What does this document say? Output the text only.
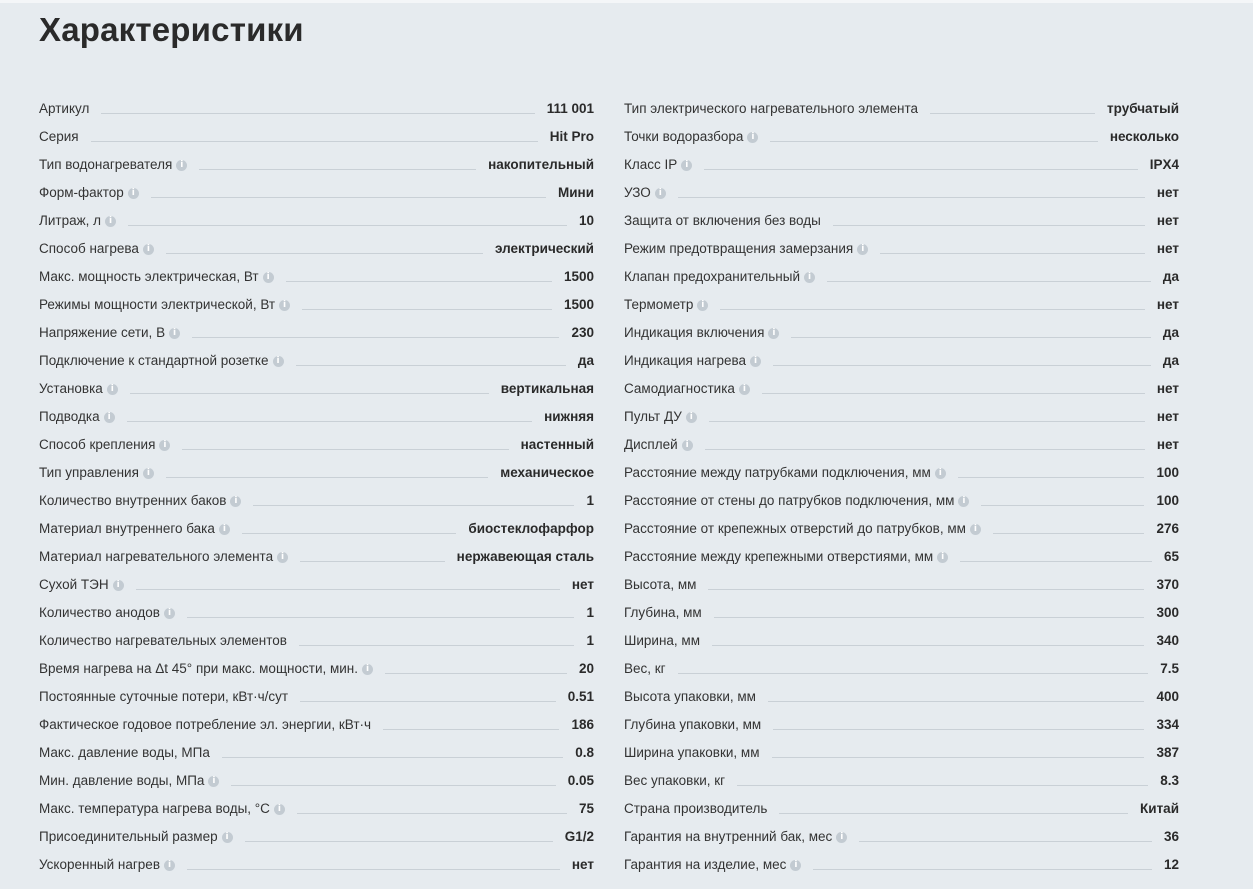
Характеристики
Артикул	111 001
Серия	Hit Pro
Тип водонагревателя i	накопительный
Форм-фактор i	Мини
Литраж, л i	10
Способ нагрева i	электрический
Макс. мощность электрическая, Вт i	1500
Режимы мощности электрической, Вт i	1500
Напряжение сети, В i	230
Подключение к стандартной розетке i	да
Установка i	вертикальная
Подводка i	нижняя
Способ крепления i	настенный
Тип управления i	механическое
Количество внутренних баков i	1
Материал внутреннего бака i	биостеклофарфор
Материал нагревательного элемента i	нержавеющая сталь
Сухой ТЭН i	нет
Количество анодов i	1
Количество нагревательных элементов	1
Время нагрева на Δt 45° при макс. мощности, мин. i	20
Постоянные суточные потери, кВт·ч/сут	0.51
Фактическое годовое потребление эл. энергии, кВт·ч	186
Макс. давление воды, МПа	0.8
Мин. давление воды, МПа i	0.05
Макс. температура нагрева воды, °С i	75
Присоединительный размер i	G1/2
Ускоренный нагрев i	нет
Тип электрического нагревательного элемента	трубчатый
Точки водоразбора i	несколько
Класс IP i	IPX4
УЗО i	нет
Защита от включения без воды	нет
Режим предотвращения замерзания i	нет
Клапан предохранительный i	да
Термометр i	нет
Индикация включения i	да
Индикация нагрева i	да
Самодиагностика i	нет
Пульт ДУ i	нет
Дисплей i	нет
Расстояние между патрубками подключения, мм i	100
Расстояние от стены до патрубков подключения, мм i	100
Расстояние от крепежных отверстий до патрубков, мм i	276
Расстояние между крепежными отверстиями, мм i	65
Высота, мм	370
Глубина, мм	300
Ширина, мм	340
Вес, кг	7.5
Высота упаковки, мм	400
Глубина упаковки, мм	334
Ширина упаковки, мм	387
Вес упаковки, кг	8.3
Страна производитель	Китай
Гарантия на внутренний бак, мес i	36
Гарантия на изделие, мес i	12
